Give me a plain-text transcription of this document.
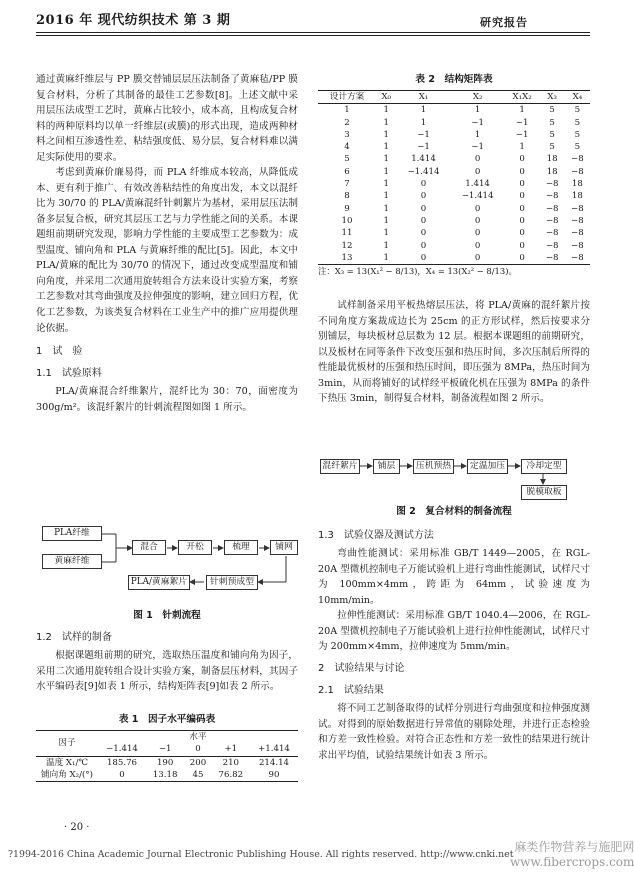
2016 年 现代纺织技术 第 3 期	研究报告

通过黄麻纤维层与 PP 膜交替铺层层压法制备了黄麻毡/PP 膜复合材料，分析了其制备的最佳工艺参数[8]。上述文献中采用层压法成型工艺时，黄麻占比较小，成本高，且构成复合材料的两种原料均以单一纤维层(或膜)的形式出现，造成两种材料之间相互渗透性差、粘结强度低、易分层，复合材料难以满足实际使用的要求。

考虑到黄麻价廉易得，而 PLA 纤维成本较高，从降低成本、更有利于推广、有效改善粘结性的角度出发，本文以混纤比为 30/70 的 PLA/黄麻混纤针刺絮片为基材，采用层压法制备多层复合板，研究其层压工艺与力学性能之间的关系。本课题组前期研究发现，影响力学性能的主要成型工艺参数为：成型温度、铺向角和 PLA 与黄麻纤维的配比[5]。因此，本文中 PLA/黄麻的配比为 30/70 的情况下，通过改变成型温度和铺向角度，并采用二次通用旋转组合方法来设计实验方案，考察工艺参数对其弯曲强度及拉伸强度的影响，建立回归方程，优化工艺参数，为该类复合材料在工业生产中的推广应用提供理论依据。

1　试　验
1.1　试验原料

PLA/黄麻混合纤维絮片，混纤比为 30：70，面密度为 300g/m²。该混纤絮片的针刺流程图如图 1 所示。

PLA纤维
黄麻纤维
混合	开松	梳理	铺网
针刺预成型
PLA/黄麻絮片
图 1　针刺流程
1.2　试样的制备

根据课题组前期的研究，选取热压温度和铺向角为因子，采用二次通用旋转组合设计实验方案，制备层压材料，其因子水平编码表[9]如表 1 所示，结构矩阵表[9]如表 2 所示。

表 1　因子水平编码表
因子	水平				
	−1.414	−1	0	+1	+1.414
温度 X₁/℃	185.76	190	200	210	214.14
铺向角 X₂/(°)	0	13.18	45	76.82	90
· 20 ·
表 2　结构矩阵表
设计方案	X₀	X₁	X₂	X₁X₂	X₃	X₄
1	1	1	1	1	5	5
2	1	1	−1	−1	5	5
3	1	−1	1	−1	5	5
4	1	−1	−1	1	5	5
5	1	1.414	0	0	18	−8
6	1	−1.414	0	0	18	−8
7	1	0	1.414	0	−8	18
8	1	0	−1.414	0	−8	18
9	1	0	0	0	−8	−8
10	1	0	0	0	−8	−8
11	1	0	0	0	−8	−8
12	1	0	0	0	−8	−8
13	1	0	0	0	−8	−8
注：X₃ = 13(X₁² − 8/13)，X₄ = 13(X₂² − 8/13)。

试样制备采用平板热熔层压法，将 PLA/黄麻的混纤絮片按不同角度方案裁成边长为 25cm 的正方形试样，然后按要求分别铺层，每块板材总层数为 12 层。根据本课题组的前期研究，以及板材在同等条件下改变压强和热压时间，多次压制后所得的性能最优板材的压强和热压时间，即压强为 8MPa，热压时间为 3min，从而将铺好的试样经平板硫化机在压强为 8MPa 的条件下热压 3min，制得复合材料，制备流程如图 2 所示。

混纤絮片	铺层	压机预热	定温加压	冷却定型
脱模取板
图 2　复合材料的制备流程
1.3　试验仪器及测试方法

弯曲性能测试：采用标准 GB/T 1449—2005，在 RGL-20A 型微机控制电子万能试验机上进行弯曲性能测试，试样尺寸为 100mm×4mm，跨距为 64mm，试验速度为 10mm/min。

拉伸性能测试：采用标准 GB/T 1040.4—2006，在 RGL-20A 型微机控制电子万能试验机上进行拉伸性能测试，试样尺寸为 200mm×4mm，拉伸速度为 5mm/min。

2　试验结果与讨论
2.1　试验结果

将不同工艺制备取得的试样分别进行弯曲强度和拉伸强度测试。对得到的原始数据进行异常值的剔除处理，并进行正态检验和方差一致性检验。对符合正态性和方差一致性的结果进行统计求出平均值，试验结果统计如表 3 所示。

?1994-2016 China Academic Journal Electronic Publishing House. All rights reserved. http://www.cnki.net
麻类作物营养与施肥网
www.fibercrops.com
